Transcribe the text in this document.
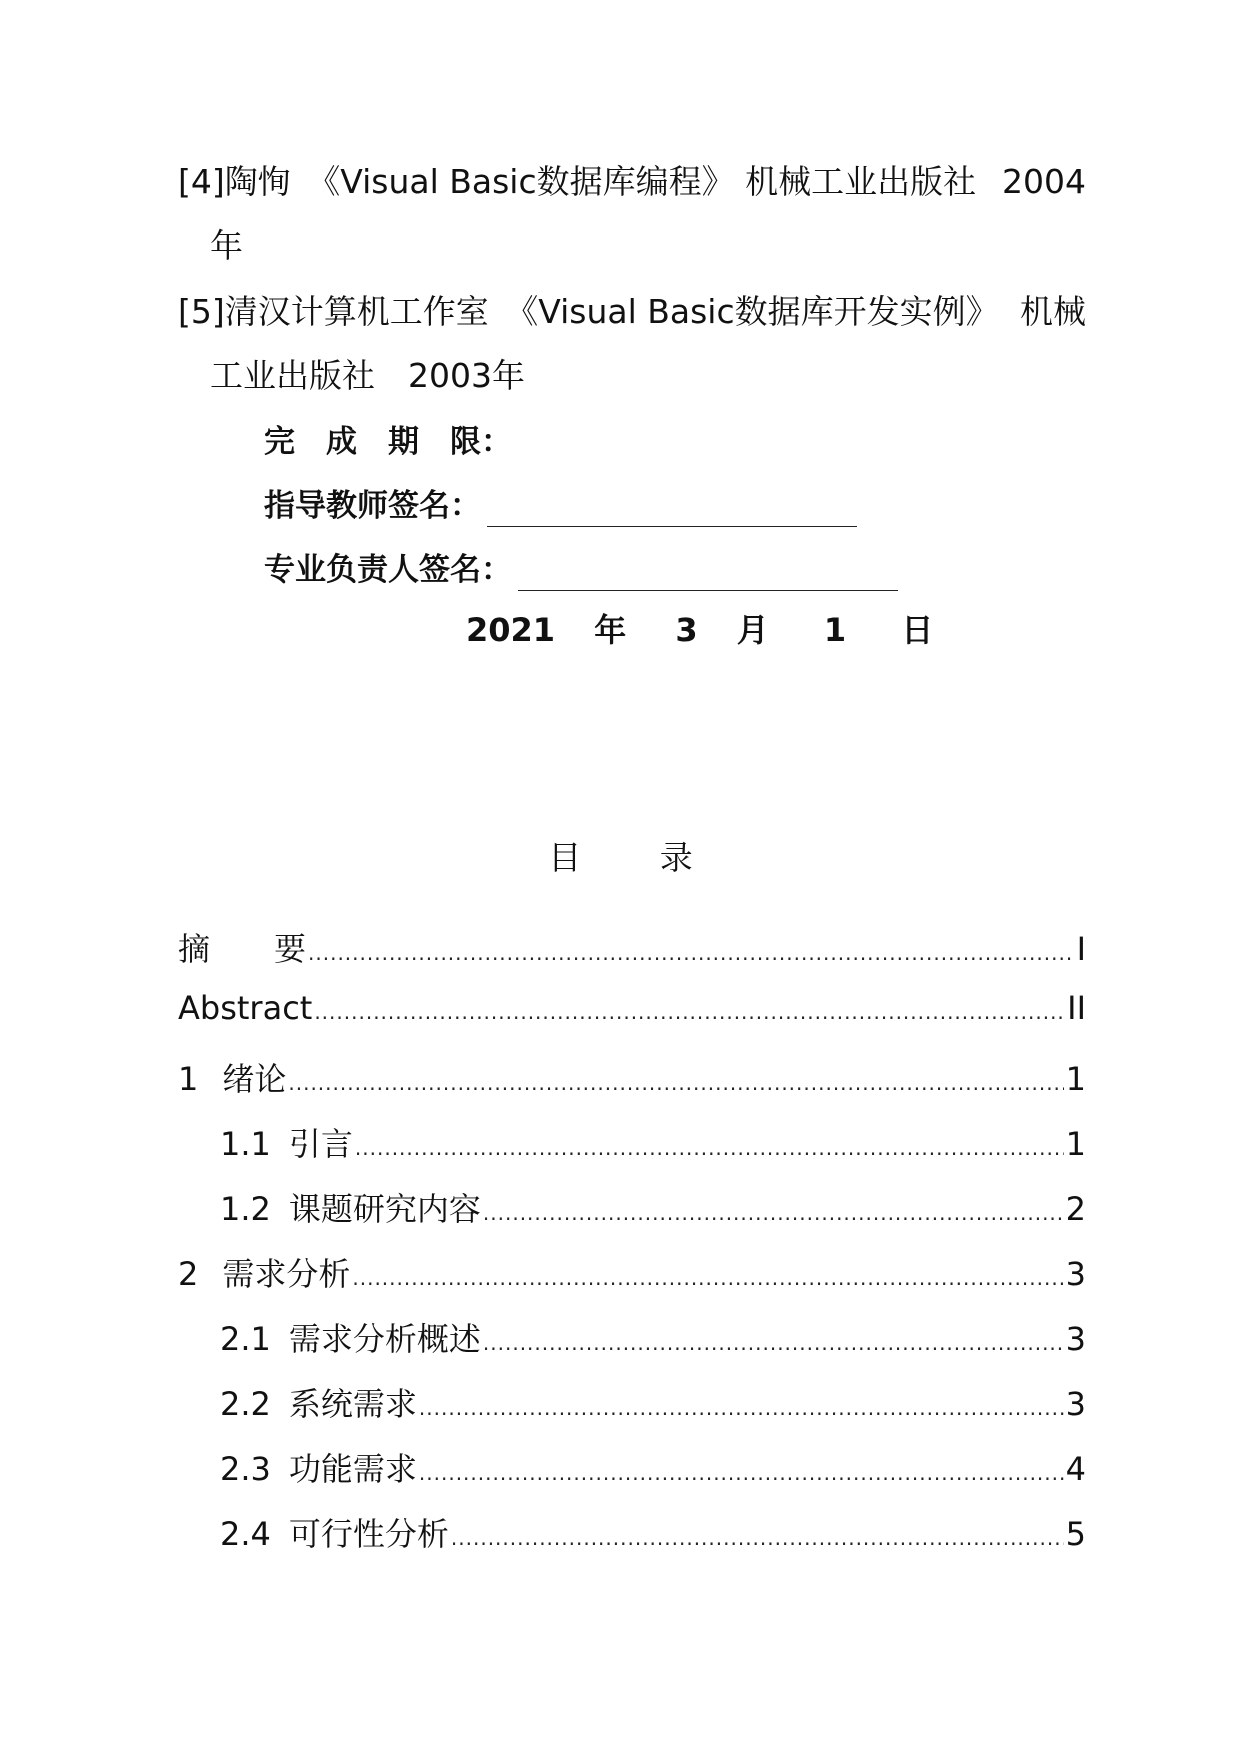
[4]陶恂　《Visual Basic数据库编程》 机械工业出版社 2004
年
[5]清汉计算机工作室　《Visual Basic数据库开发实例》 机械
工业出版社　2003年
完　成　期　限：
指导教师签名：
专业负责人签名：
2021 年 3 月 1 日
目 录
摘　　要 .....	I
Abstract .....	II
1 绪论 .....	1
1.1 引言 .....	1
1.2 课题研究内容 .....	2
2 需求分析 .....	3
2.1 需求分析概述 .....	3
2.2 系统需求 .....	3
2.3 功能需求 .....	4
2.4 可行性分析 .....	5
